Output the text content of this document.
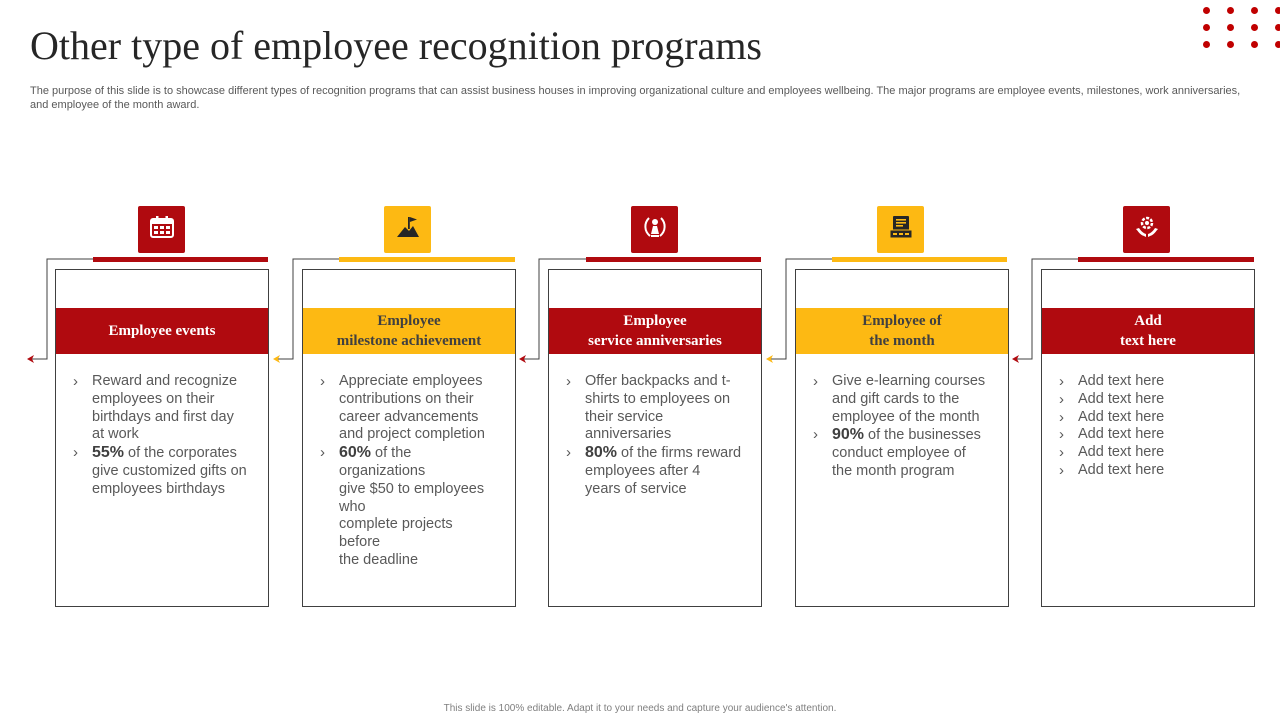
Other type of employee recognition programs
The purpose of this slide is to showcase different types of recognition programs that can assist business houses in improving organizational culture and employees wellbeing. The major programs are employee events, milestones, work anniversaries, and employee of the month award.
Employee events
› Reward and recognize
employees on their
birthdays and first day
at work
› 55% of the corporates
give customized gifts on
employees birthdays
Employee
milestone achievement
› Appreciate employees
contributions on their
career advancements
and project completion
› 60% of the
organizations
give $50 to employees
who
complete projects
before
the deadline
Employee
service anniversaries
› Offer backpacks and t-
shirts to employees on
their service
anniversaries
› 80% of the firms reward
employees after 4
years of service
Employee of
the month
› Give e-learning courses
and gift cards to the
employee of the month
› 90% of the businesses
conduct employee of
the month program
Add
text here
› Add text here
› Add text here
› Add text here
› Add text here
› Add text here
› Add text here
This slide is 100% editable. Adapt it to your needs and capture your audience's attention.
